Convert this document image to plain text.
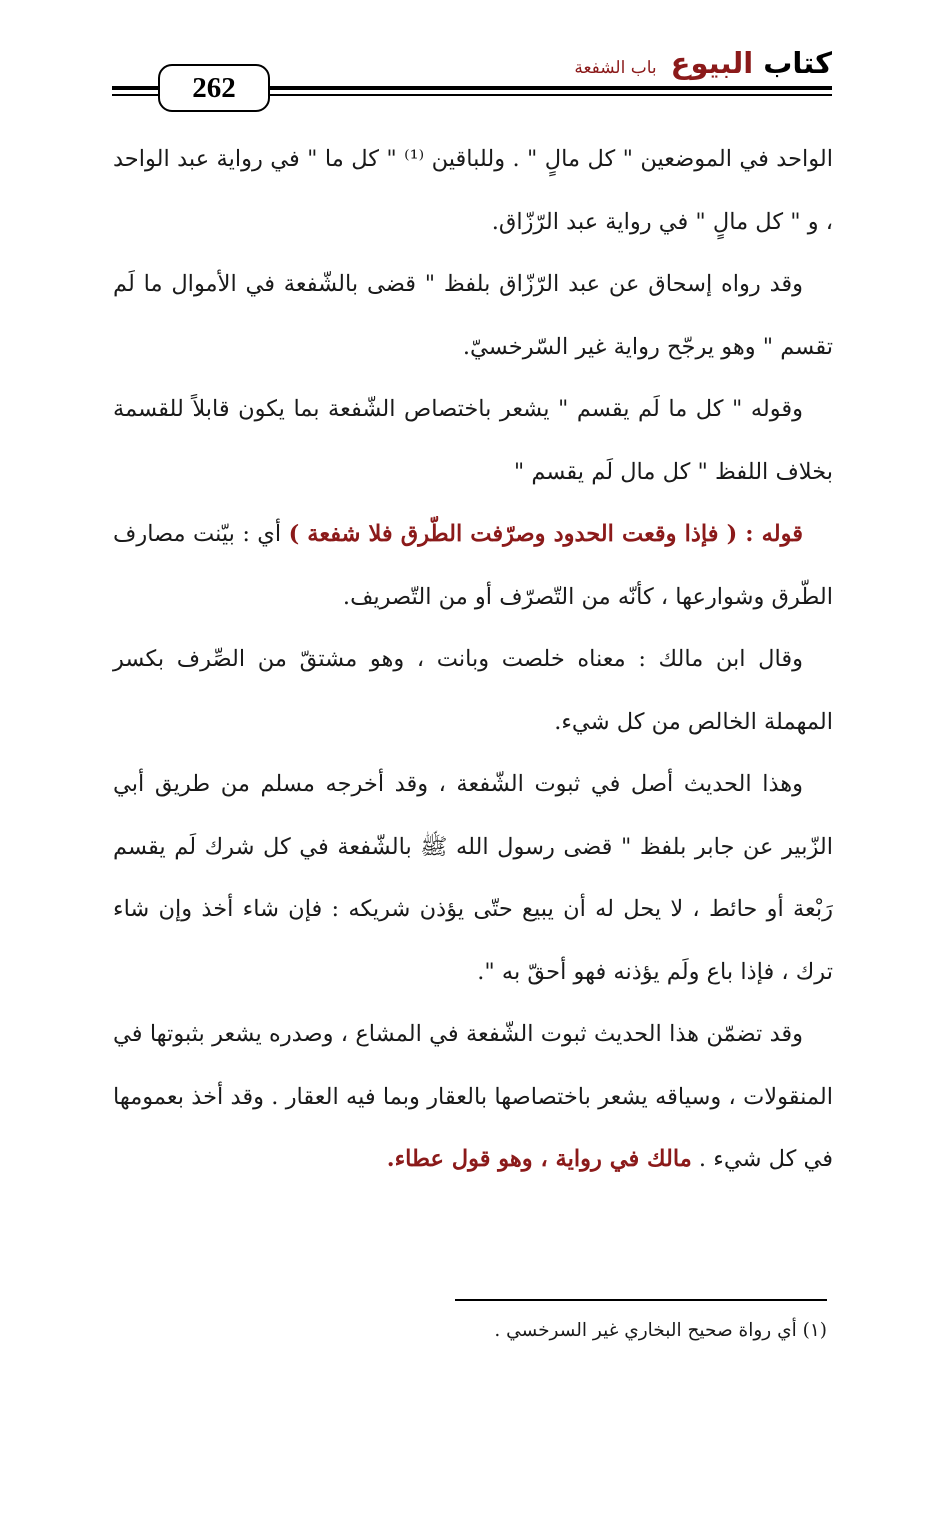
كتاب البيوع
باب الشفعة
262

الواحد في الموضعين " كل مالٍ " . وللباقين ⁽¹⁾ " كل ما " في رواية عبد الواحد ، و " كل مالٍ " في رواية عبد الرّزّاق.

وقد رواه إسحاق عن عبد الرّزّاق بلفظ " قضى بالشّفعة في الأموال ما لَم تقسم " وهو يرجّح رواية غير السّرخسيّ.

وقوله " كل ما لَم يقسم " يشعر باختصاص الشّفعة بما يكون قابلاً للقسمة بخلاف اللفظ " كل مال لَم يقسم "

قوله : ( فإذا وقعت الحدود وصرّفت الطّرق فلا شفعة ) أي : بيّنت مصارف الطّرق وشوارعها ، كأنّه من التّصرّف أو من التّصريف.

وقال ابن مالك : معناه خلصت وبانت ، وهو مشتقّ من الصِّرف بكسر المهملة الخالص من كل شيء.

وهذا الحديث أصل في ثبوت الشّفعة ، وقد أخرجه مسلم من طريق أبي الزّبير عن جابر بلفظ " قضى رسول الله ﷺ بالشّفعة في كل شرك لَم يقسم رَبْعة أو حائط ، لا يحل له أن يبيع حتّى يؤذن شريكه : فإن شاء أخذ وإن شاء ترك ، فإذا باع ولَم يؤذنه فهو أحقّ به ".

وقد تضمّن هذا الحديث ثبوت الشّفعة في المشاع ، وصدره يشعر بثبوتها في المنقولات ، وسياقه يشعر باختصاصها بالعقار وبما فيه العقار . وقد أخذ بعمومها في كل شيء . مالك في رواية ، وهو قول عطاء.

(١) أي رواة صحيح البخاري غير السرخسي .
